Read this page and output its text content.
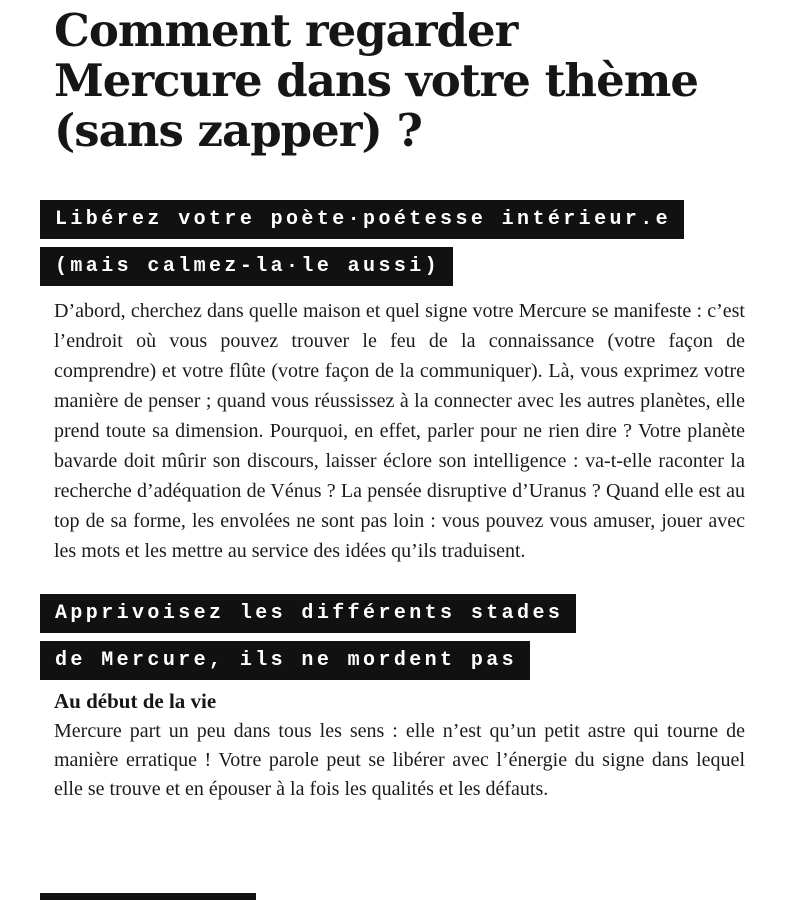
Comment regarder
Mercure dans votre thème
(sans zapper) ?
Libérez votre poète·poétesse intérieur.e
(mais calmez-la·le aussi)

D’abord, cherchez dans quelle maison et quel signe votre Mercure se manifeste : c’est l’endroit où vous pouvez trouver le feu de la connaissance (votre façon de comprendre) et votre flûte (votre façon de la communiquer). Là, vous exprimez votre manière de penser ; quand vous réussissez à la connecter avec les autres planètes, elle prend toute sa dimension. Pourquoi, en effet, parler pour ne rien dire ? Votre planète bavarde doit mûrir son discours, laisser éclore son intelligence : va-t-elle raconter la recherche d’adéquation de Vénus ? La pensée disruptive d’Uranus ? Quand elle est au top de sa forme, les envolées ne sont pas loin : vous pouvez vous amuser, jouer avec les mots et les mettre au service des idées qu’ils traduisent.

Apprivoisez les différents stades
de Mercure, ils ne mordent pas
Au début de la vie

Mercure part un peu dans tous les sens : elle n’est qu’un petit astre qui tourne de manière erratique ! Votre parole peut se libérer avec l’énergie du signe dans lequel elle se trouve et en épouser à la fois les qualités et les défauts.
